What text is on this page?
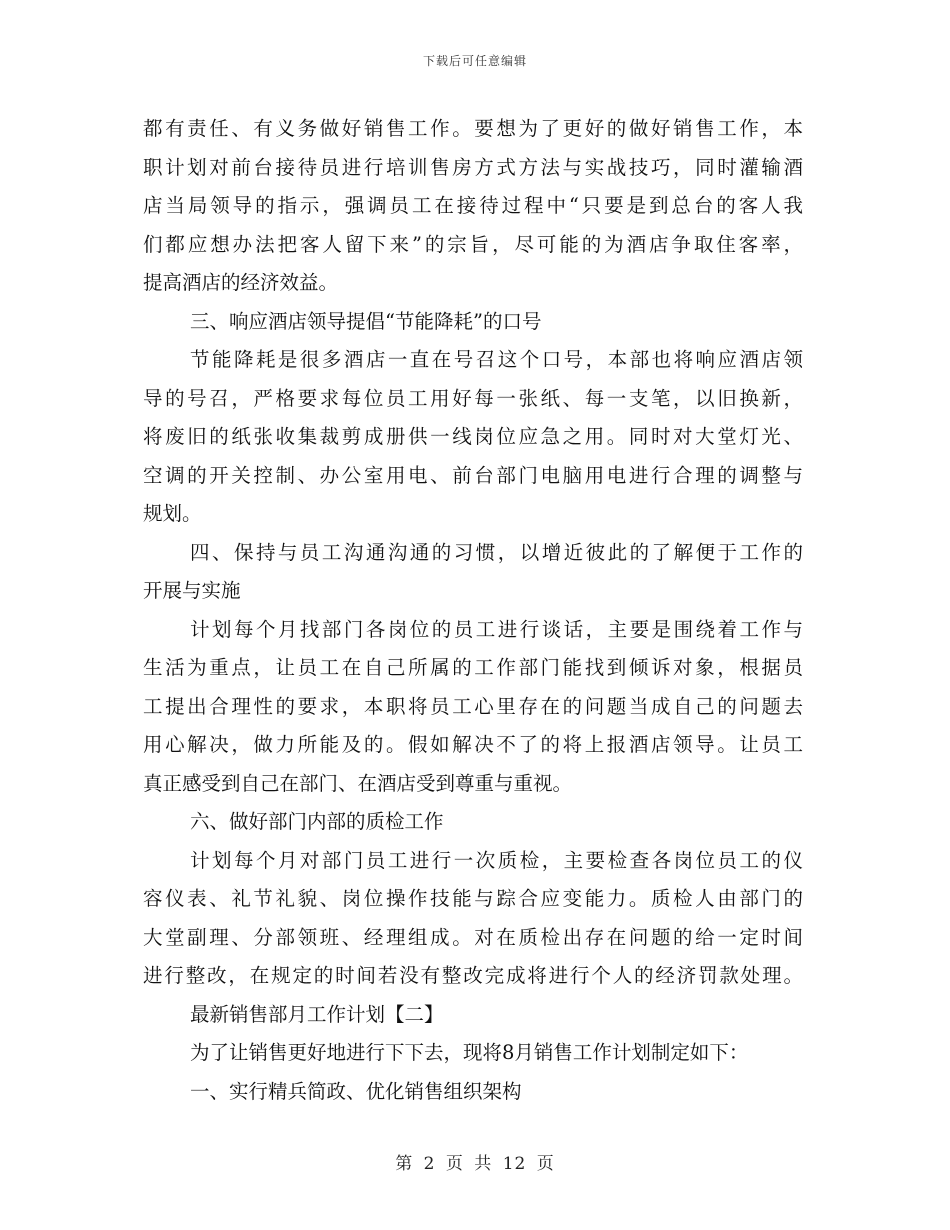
下载后可任意编辑
都有责任、有义务做好销售工作。要想为了更好的做好销售工作，本
职计划对前台接待员进行培训售房方式方法与实战技巧，同时灌输酒
店当局领导的指示，强调员工在接待过程中“只要是到总台的客人我
们都应想办法把客人留下来”的宗旨，尽可能的为酒店争取住客率，
提高酒店的经济效益。
三、响应酒店领导提倡“节能降耗”的口号
节能降耗是很多酒店一直在号召这个口号，本部也将响应酒店领
导的号召，严格要求每位员工用好每一张纸、每一支笔，以旧换新，
将废旧的纸张收集裁剪成册供一线岗位应急之用。同时对大堂灯光、
空调的开关控制、办公室用电、前台部门电脑用电进行合理的调整与
规划。
四、保持与员工沟通沟通的习惯，以增近彼此的了解便于工作的
开展与实施
计划每个月找部门各岗位的员工进行谈话，主要是围绕着工作与
生活为重点，让员工在自己所属的工作部门能找到倾诉对象，根据员
工提出合理性的要求，本职将员工心里存在的问题当成自己的问题去
用心解决，做力所能及的。假如解决不了的将上报酒店领导。让员工
真正感受到自己在部门、在酒店受到尊重与重视。
六、做好部门内部的质检工作
计划每个月对部门员工进行一次质检，主要检查各岗位员工的仪
容仪表、礼节礼貌、岗位操作技能与踪合应变能力。质检人由部门的
大堂副理、分部领班、经理组成。对在质检出存在问题的给一定时间
进行整改，在规定的时间若没有整改完成将进行个人的经济罚款处理。
最新销售部月工作计划【二】
为了让销售更好地进行下下去，现将8月销售工作计划制定如下：
一、实行精兵简政、优化销售组织架构
第 2 页 共 12 页
